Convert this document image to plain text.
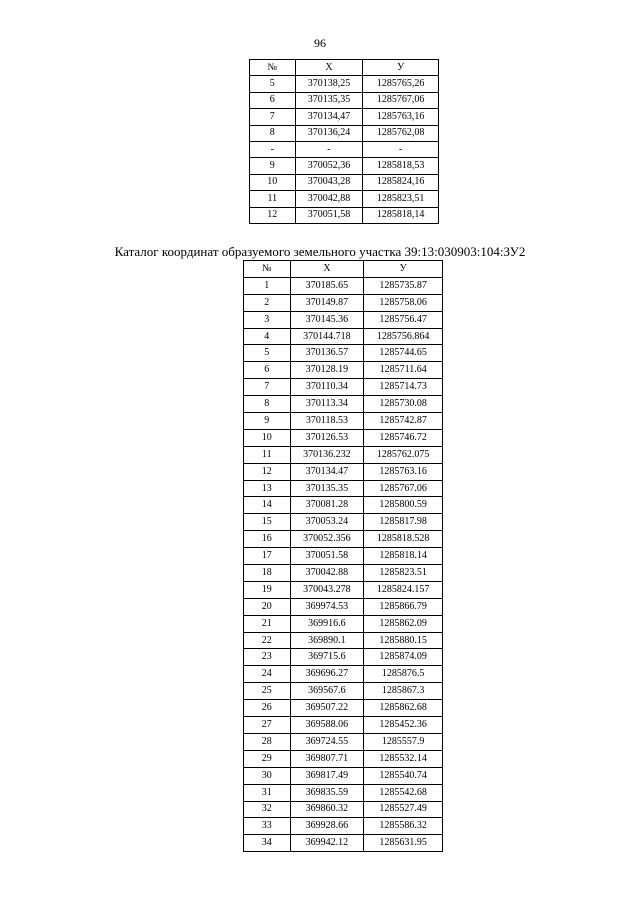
96
№	Х	У
5	370138,25	1285765,26
6	370135,35	1285767,06
7	370134,47	1285763,16
8	370136,24	1285762,08
-	-	-
9	370052,36	1285818,53
10	370043,28	1285824,16
11	370042,88	1285823,51
12	370051,58	1285818,14
Каталог координат образуемого земельного участка 39:13:030903:104:ЗУ2
№	Х	У
1	370185.65	1285735.87
2	370149.87	1285758.06
3	370145.36	1285756.47
4	370144.718	1285756.864
5	370136.57	1285744.65
6	370128.19	1285711.64
7	370110.34	1285714.73
8	370113.34	1285730.08
9	370118.53	1285742.87
10	370126.53	1285746.72
11	370136.232	1285762.075
12	370134.47	1285763.16
13	370135.35	1285767.06
14	370081.28	1285800.59
15	370053.24	1285817.98
16	370052.356	1285818.528
17	370051.58	1285818.14
18	370042.88	1285823.51
19	370043.278	1285824.157
20	369974.53	1285866.79
21	369916.6	1285862.09
22	369890.1	1285880.15
23	369715.6	1285874.09
24	369696.27	1285876.5
25	369567.6	1285867.3
26	369507.22	1285862.68
27	369588.06	1285452.36
28	369724.55	1285557.9
29	369807.71	1285532.14
30	369817.49	1285540.74
31	369835.59	1285542.68
32	369860.32	1285527.49
33	369928.66	1285586.32
34	369942.12	1285631.95
